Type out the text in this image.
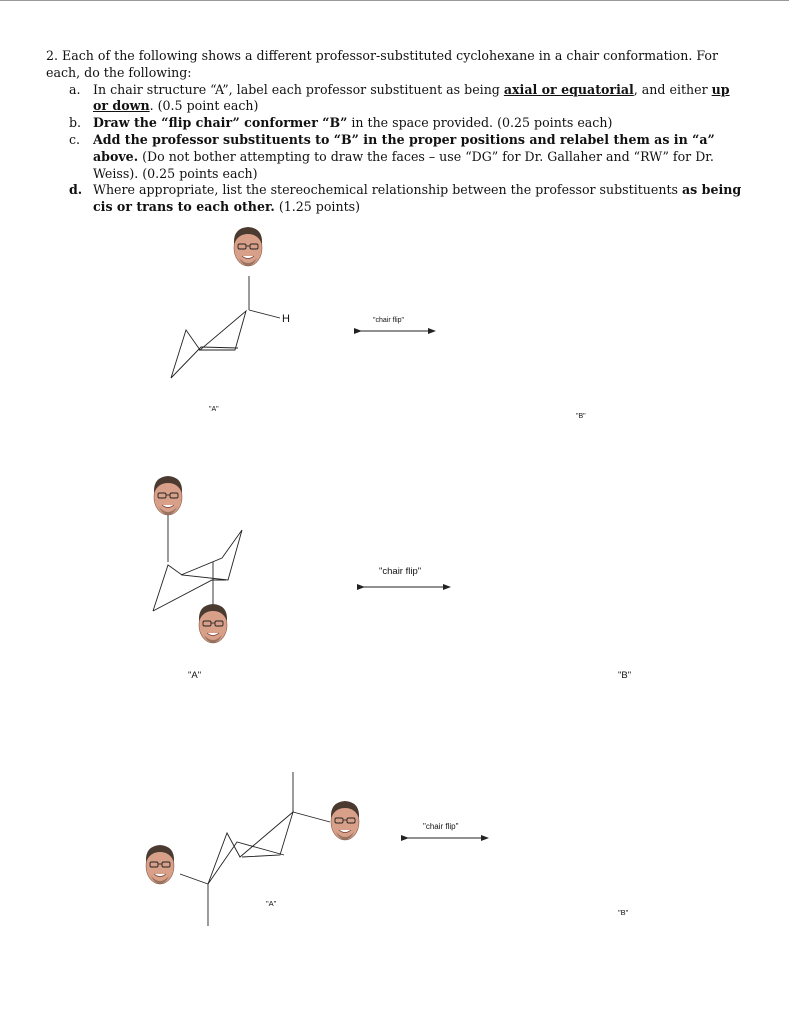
2. Each of the following shows a different professor-substituted cyclohexane in a chair conformation. For each, do the following:

a. In chair structure “A”, label each professor substituent as being axial or equatorial, and either up or down. (0.5 point each)
b. Draw the “flip chair” conformer “B” in the space provided. (0.25 points each)
c. Add the professor substituents to “B” in the proper positions and relabel them as in “a” above. (Do not bother attempting to draw the faces – use “DG” for Dr. Gallaher and “RW” for Dr. Weiss). (0.25 points each)
d. Where appropriate, list the stereochemical relationship between the professor substituents as being cis or trans to each other. (1.25 points)
H	"chair flip"
"A"
"B"
"chair flip"
"A"	"B"
"chair flip"
"A"
"B"
